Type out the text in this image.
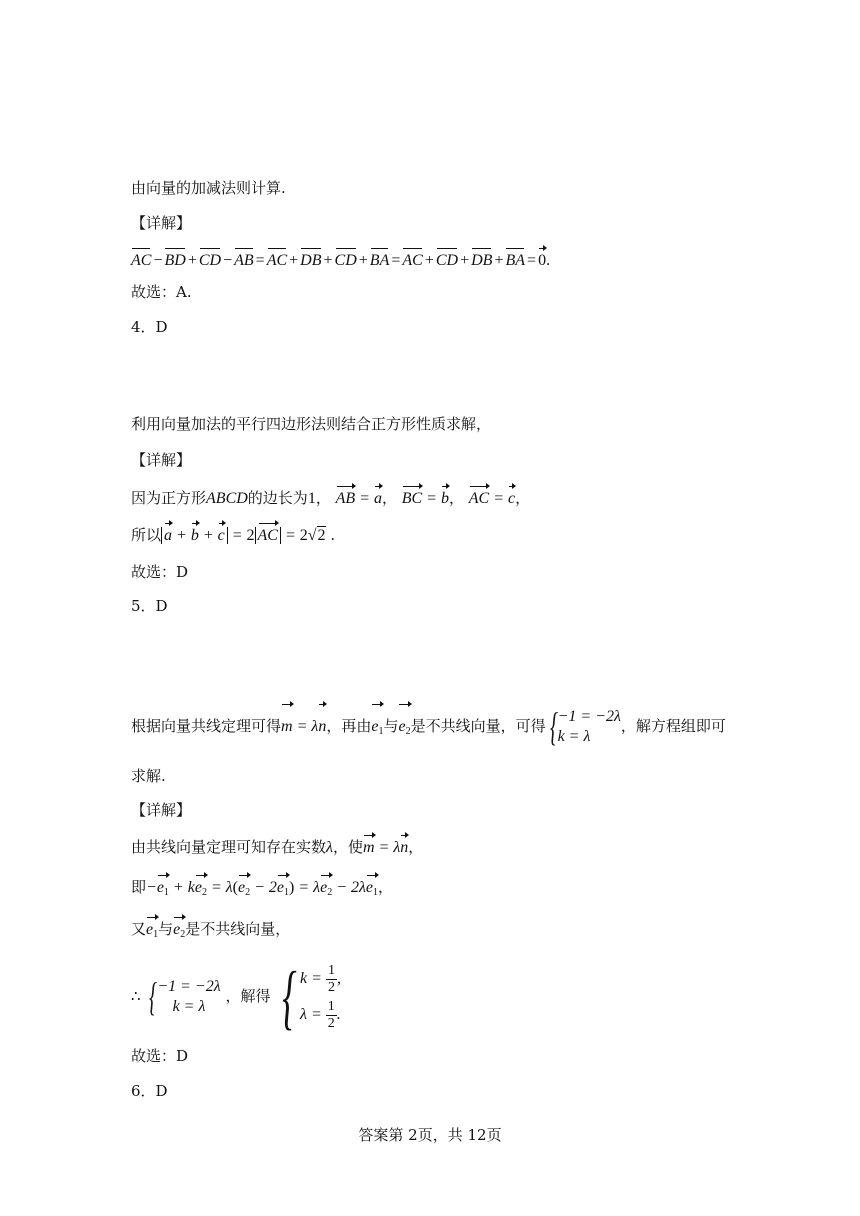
由向量的加减法则计算.
【详解】
AC − BD + CD − AB = AC + DB + CD + BA = AC + CD + DB + BA = 0.
故选：A.
4．D
利用向量加法的平行四边形法则结合正方形性质求解，
【详解】
因为正方形ABCD的边长为1， AB = a， BC = b， AC = c，
所以 a + b + c = 2 AC = 2√2 .
故选：D
5．D
根据向量共线定理可得m = λn，再由$e_1$与$e_2$是不共线向量，可得 { −1 = −2λ
k = λ
，解方程组即可
求解.
【详解】
由共线向量定理可知存在实数λ，使m = λn，
即$-e_1 + ke_2 = \lambda(e_2 - 2e_1) = \lambda e_2 - 2\lambda e_1$，
又$e_1$与$e_2$是不共线向量，
∴ { −1 = −2λ
k = λ
，解得 { $k = \frac{1}{2}$ ,
$\lambda = \frac{1}{2}$ .
故选：D
6．D
答案第 2页，共 12页
